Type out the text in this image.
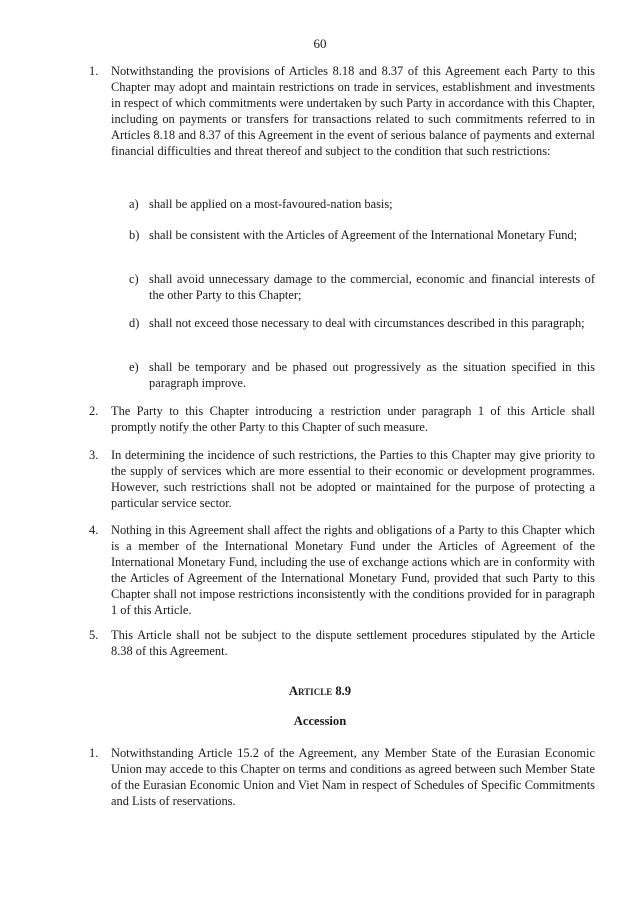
60
1. Notwithstanding the provisions of Articles 8.18 and 8.37 of this Agreement each Party to this Chapter may adopt and maintain restrictions on trade in services, establishment and investments in respect of which commitments were undertaken by such Party in accordance with this Chapter, including on payments or transfers for transactions related to such commitments referred to in Articles 8.18 and 8.37 of this Agreement in the event of serious balance of payments and external financial difficulties and threat thereof and subject to the condition that such restrictions:
a) shall be applied on a most-favoured-nation basis;
b) shall be consistent with the Articles of Agreement of the International Monetary Fund;
c) shall avoid unnecessary damage to the commercial, economic and financial interests of the other Party to this Chapter;
d) shall not exceed those necessary to deal with circumstances described in this paragraph;
e) shall be temporary and be phased out progressively as the situation specified in this paragraph improve.
2. The Party to this Chapter introducing a restriction under paragraph 1 of this Article shall promptly notify the other Party to this Chapter of such measure.
3. In determining the incidence of such restrictions, the Parties to this Chapter may give priority to the supply of services which are more essential to their economic or development programmes. However, such restrictions shall not be adopted or maintained for the purpose of protecting a particular service sector.
4. Nothing in this Agreement shall affect the rights and obligations of a Party to this Chapter which is a member of the International Monetary Fund under the Articles of Agreement of the International Monetary Fund, including the use of exchange actions which are in conformity with the Articles of Agreement of the International Monetary Fund, provided that such Party to this Chapter shall not impose restrictions inconsistently with the conditions provided for in paragraph 1 of this Article.
5. This Article shall not be subject to the dispute settlement procedures stipulated by the Article 8.38 of this Agreement.
Article 8.9
Accession
1. Notwithstanding Article 15.2 of the Agreement, any Member State of the Eurasian Economic Union may accede to this Chapter on terms and conditions as agreed between such Member State of the Eurasian Economic Union and Viet Nam in respect of Schedules of Specific Commitments and Lists of reservations.
